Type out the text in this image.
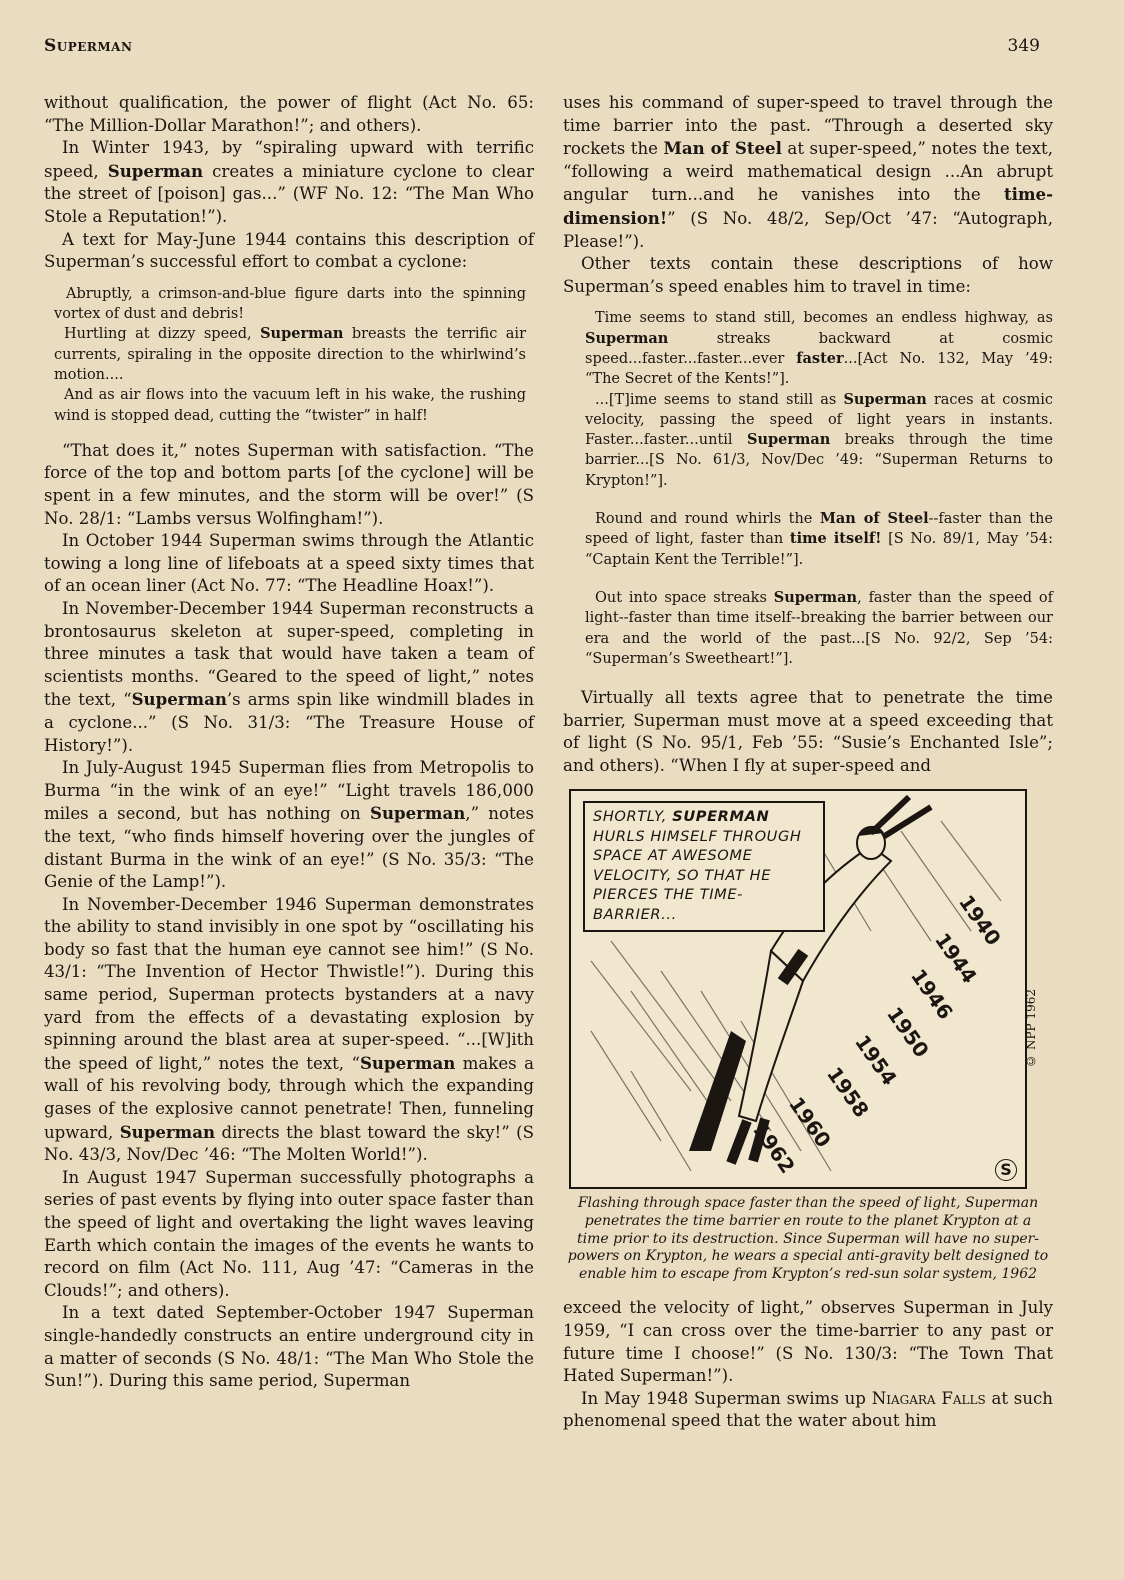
Superman	349

without qualification, the power of flight (Act No. 65: “The Million-Dollar Marathon!”; and others).

In Winter 1943, by “spiraling upward with terrific speed, Superman creates a miniature cyclone to clear the street of [poison] gas...” (WF No. 12: “The Man Who Stole a Reputation!”).

A text for May-June 1944 contains this description of Superman’s successful effort to combat a cyclone:

Abruptly, a crimson-and-blue figure darts into the spinning vortex of dust and debris!

Hurtling at dizzy speed, Superman breasts the terrific air currents, spiraling in the opposite direction to the whirlwind’s motion....

And as air flows into the vacuum left in his wake, the rushing wind is stopped dead, cutting the “twister” in half!

“That does it,” notes Superman with satisfaction. “The force of the top and bottom parts [of the cyclone] will be spent in a few minutes, and the storm will be over!” (S No. 28/1: “Lambs versus Wolfingham!”).

In October 1944 Superman swims through the Atlantic towing a long line of lifeboats at a speed sixty times that of an ocean liner (Act No. 77: “The Headline Hoax!”).

In November-December 1944 Superman reconstructs a brontosaurus skeleton at super-speed, completing in three minutes a task that would have taken a team of scientists months. “Geared to the speed of light,” notes the text, “Superman’s arms spin like windmill blades in a cyclone...” (S No. 31/3: “The Treasure House of History!”).

In July-August 1945 Superman flies from Metropolis to Burma “in the wink of an eye!” “Light travels 186,000 miles a second, but has nothing on Superman,” notes the text, “who finds himself hovering over the jungles of distant Burma in the wink of an eye!” (S No. 35/3: “The Genie of the Lamp!”).

In November-December 1946 Superman demonstrates the ability to stand invisibly in one spot by “oscillating his body so fast that the human eye cannot see him!” (S No. 43/1: “The Invention of Hector Thwistle!”). During this same period, Superman protects bystanders at a navy yard from the effects of a devastating explosion by spinning around the blast area at super-speed. “...[W]ith the speed of light,” notes the text, “Superman makes a wall of his revolving body, through which the expanding gases of the explosive cannot penetrate! Then, funneling upward, Superman directs the blast toward the sky!” (S No. 43/3, Nov/Dec ’46: “The Molten World!”).

In August 1947 Superman successfully photographs a series of past events by flying into outer space faster than the speed of light and overtaking the light waves leaving Earth which contain the images of the events he wants to record on film (Act No. 111, Aug ’47: “Cameras in the Clouds!”; and others).

In a text dated September-October 1947 Superman single-handedly constructs an entire underground city in a matter of seconds (S No. 48/1: “The Man Who Stole the Sun!”). During this same period, Superman

uses his command of super-speed to travel through the time barrier into the past. “Through a deserted sky rockets the Man of Steel at super-speed,” notes the text, “following a weird mathematical design ...An abrupt angular turn...and he vanishes into the time-dimension!” (S No. 48/2, Sep/Oct ’47: “Autograph, Please!”).

Other texts contain these descriptions of how Superman’s speed enables him to travel in time:

Time seems to stand still, becomes an endless highway, as Superman streaks backward at cosmic speed...faster...faster...ever faster...[Act No. 132, May ’49: “The Secret of the Kents!”].

...[T]ime seems to stand still as Superman races at cosmic velocity, passing the speed of light years in instants. Faster...faster...until Superman breaks through the time barrier...[S No. 61/3, Nov/Dec ’49: “Superman Returns to Krypton!”].

Round and round whirls the Man of Steel--faster than the speed of light, faster than time itself! [S No. 89/1, May ’54: “Captain Kent the Terrible!”].

Out into space streaks Superman, faster than the speed of light--faster than time itself--breaking the barrier between our era and the world of the past...[S No. 92/2, Sep ’54: “Superman’s Sweetheart!”].

Virtually all texts agree that to penetrate the time barrier, Superman must move at a speed exceeding that of light (S No. 95/1, Feb ’55: “Susie’s Enchanted Isle”; and others). “When I fly at super-speed and

SHORTLY, SUPERMAN HURLS HIMSELF THROUGH SPACE AT AWESOME VELOCITY, SO THAT HE PIERCES THE TIME-BARRIER...	1940
1944
1946
1950
1954
1958
1960
1962	S
© NPP 1962

Flashing through space faster than the speed of light, Superman penetrates the time barrier en route to the planet Krypton at a time prior to its destruction. Since Superman will have no super-powers on Krypton, he wears a special anti-gravity belt designed to enable him to escape from Krypton’s red-sun solar system, 1962

exceed the velocity of light,” observes Superman in July 1959, “I can cross over the time-barrier to any past or future time I choose!” (S No. 130/3: “The Town That Hated Superman!”).

In May 1948 Superman swims up Niagara Falls at such phenomenal speed that the water about him
